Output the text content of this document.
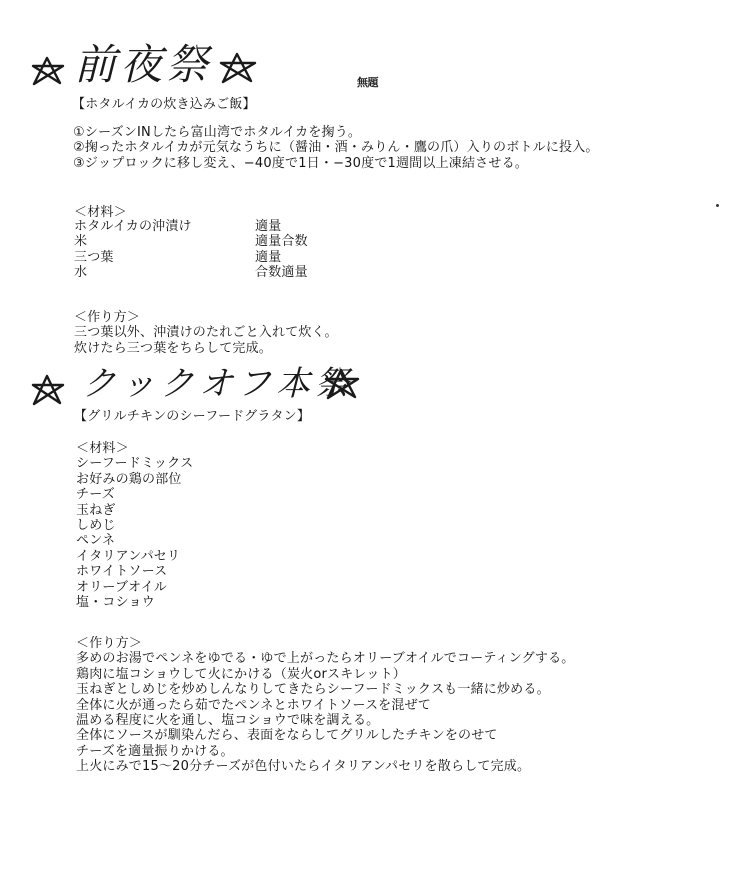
前夜祭	無題
【ホタルイカの炊き込みご飯】
①シーズンINしたら富山湾でホタルイカを掬う。
②掬ったホタルイカが元気なうちに（醤油・酒・みりん・鷹の爪）入りのボトルに投入。
③ジップロックに移し変え、−40度で1日・−30度で1週間以上凍結させる。
＜材料＞
ホタルイカの沖漬け	適量
米	適量合数
三つ葉	適量
水	合数適量
＜作り方＞
三つ葉以外、沖漬けのたれごと入れて炊く。
炊けたら三つ葉をちらして完成。
クックオフ本祭
【グリルチキンのシーフードグラタン】
＜材料＞
シーフードミックス
お好みの鶏の部位
チーズ
玉ねぎ
しめじ
ペンネ
イタリアンパセリ
ホワイトソース
オリーブオイル
塩・コショウ
＜作り方＞
多めのお湯でペンネをゆでる・ゆで上がったらオリーブオイルでコーティングする。
鶏肉に塩コショウして火にかける（炭火orスキレット）
玉ねぎとしめじを炒めしんなりしてきたらシーフードミックスも一緒に炒める。
全体に火が通ったら茹でたペンネとホワイトソースを混ぜて
温める程度に火を通し、塩コショウで味を調える。
全体にソースが馴染んだら、表面をならしてグリルしたチキンをのせて
チーズを適量振りかける。
上火にみで15〜20分チーズが色付いたらイタリアンパセリを散らして完成。
